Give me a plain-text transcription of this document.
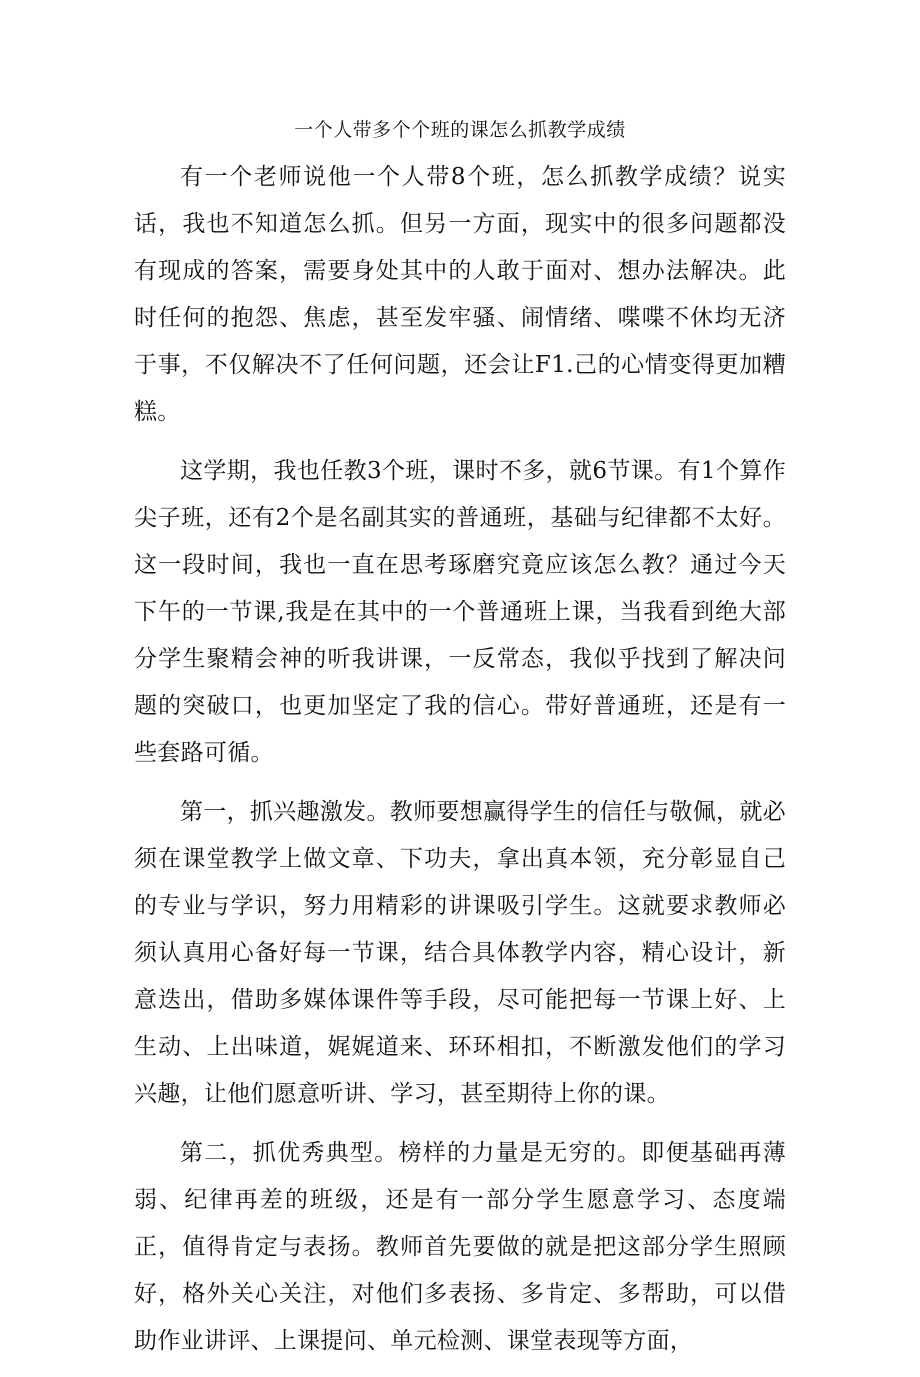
一个人带多个个班的课怎么抓教学成绩

有一个老师说他一个人带8个班，怎么抓教学成绩？说实话，我也不知道怎么抓。但另一方面，现实中的很多问题都没有现成的答案，需要身处其中的人敢于面对、想办法解决。此时任何的抱怨、焦虑，甚至发牢骚、闹情绪、喋喋不休均无济于事，不仅解决不了任何问题，还会让F1.己的心情变得更加糟糕。

这学期，我也任教3个班，课时不多，就6节课。有1个算作尖子班，还有2个是名副其实的普通班，基础与纪律都不太好。这一段时间，我也一直在思考琢磨究竟应该怎么教？通过今天下午的一节课,我是在其中的一个普通班上课，当我看到绝大部分学生聚精会神的听我讲课，一反常态，我似乎找到了解决问题的突破口，也更加坚定了我的信心。带好普通班，还是有一些套路可循。

第一，抓兴趣激发。教师要想赢得学生的信任与敬佩，就必须在课堂教学上做文章、下功夫，拿出真本领，充分彰显自己的专业与学识，努力用精彩的讲课吸引学生。这就要求教师必须认真用心备好每一节课，结合具体教学内容，精心设计，新意迭出，借助多媒体课件等手段，尽可能把每一节课上好、上生动、上出味道，娓娓道来、环环相扣，不断激发他们的学习兴趣，让他们愿意听讲、学习，甚至期待上你的课。

第二，抓优秀典型。榜样的力量是无穷的。即便基础再薄弱、纪律再差的班级，还是有一部分学生愿意学习、态度端正，值得肯定与表扬。教师首先要做的就是把这部分学生照顾好，格外关心关注，对他们多表扬、多肯定、多帮助，可以借助作业讲评、上课提问、单元检测、课堂表现等方面，
